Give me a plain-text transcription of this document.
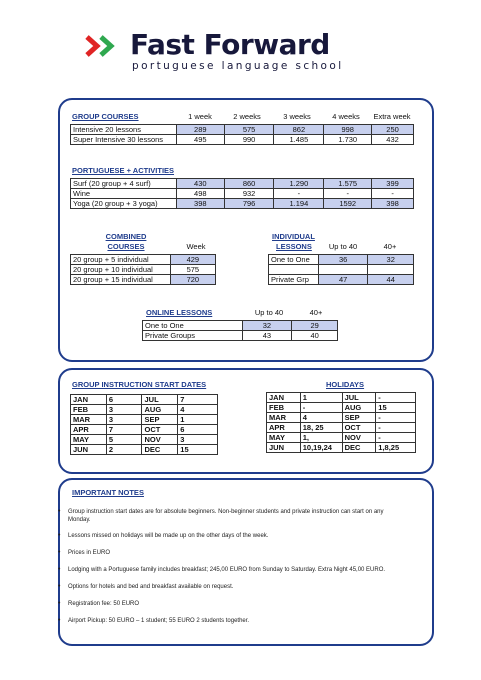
Fast Forward
portuguese language school
GROUP COURSES	1 week	2 weeks	3 weeks	4 weeks	Extra week
Intensive 20 lessons	289	575	862	998	250
Super Intensive 30 lessons	495	990	1.485	1.730	432
PORTUGUESE + ACTIVITIES
Surf (20 group + 4 surf)	430	860	1.290	1.575	399
Wine	498	932	-	-	-
Yoga (20 group + 3 yoga)	398	796	1.194	1592	398
COMBINED
COURSES	Week
20 group + 5 individual	429
20 group + 10 individual	575
20 group + 15 individual	720
INDIVIDUAL
LESSONS	Up to 40	40+
One to One	36	32

Private Grp	47	44
ONLINE LESSONS	Up to 40	40+
One to One	32	29
Private Groups	43	40
GROUP INSTRUCTION START DATES
JAN	6	JUL	7
FEB	3	AUG	4
MAR	3	SEP	1
APR	7	OCT	6
MAY	5	NOV	3
JUN	2	DEC	15
HOLIDAYS
JAN	1	JUL	-
FEB	-	AUG	15
MAR	4	SEP	-
APR	18, 25	OCT	-
MAY	1,	NOV	-
JUN	10,19,24	DEC	1,8,25
IMPORTANT NOTES
• Group instruction start dates are for absolute beginners. Non-beginner students and private instruction can start on any Monday.
• Lessons missed on holidays will be made up on the other days of the week.
• Prices in EURO
• Lodging with a Portuguese family includes breakfast; 245,00 EURO from Sunday to Saturday. Extra Night 45,00 EURO.
• Options for hotels and bed and breakfast available on request.
• Registration fee: 50 EURO
• Airport Pickup: 50 EURO – 1 student; 55 EURO 2 students together.
